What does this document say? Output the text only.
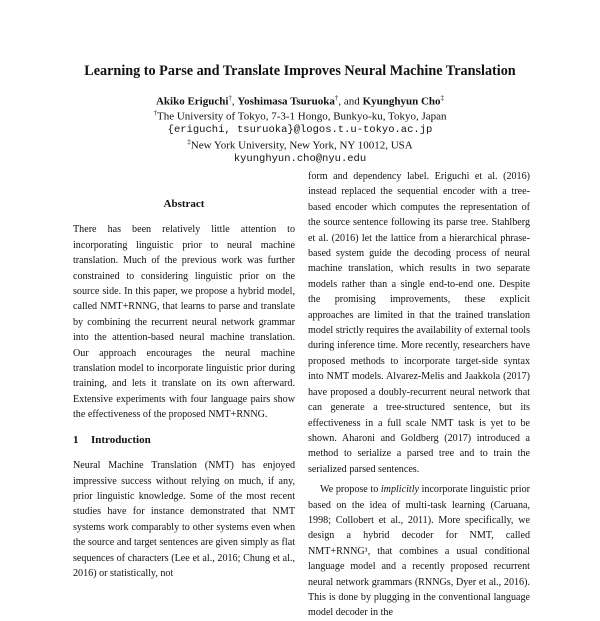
Learning to Parse and Translate Improves Neural Machine Translation
Akiko Eriguchi†, Yoshimasa Tsuruoka†, and Kyunghyun Cho‡
†The University of Tokyo, 7-3-1 Hongo, Bunkyo-ku, Tokyo, Japan
{eriguchi, tsuruoka}@logos.t.u-tokyo.ac.jp
‡New York University, New York, NY 10012, USA
kyunghyun.cho@nyu.edu
Abstract

There has been relatively little attention to incorporating linguistic prior to neural machine translation. Much of the previous work was further constrained to considering linguistic prior on the source side. In this paper, we propose a hybrid model, called NMT+RNNG, that learns to parse and translate by combining the recurrent neural network grammar into the attention-based neural machine translation. Our approach encourages the neural machine translation model to incorporate linguistic prior during training, and lets it translate on its own afterward. Extensive experiments with four language pairs show the effectiveness of the proposed NMT+RNNG.

1 Introduction

Neural Machine Translation (NMT) has enjoyed impressive success without relying on much, if any, prior linguistic knowledge. Some of the most recent studies have for instance demonstrated that NMT systems work comparably to other systems even when the source and target sentences are given simply as flat sequences of characters (Lee et al., 2016; Chung et al., 2016) or statistically, not

form and dependency label. Eriguchi et al. (2016) instead replaced the sequential encoder with a tree-based encoder which computes the representation of the source sentence following its parse tree. Stahlberg et al. (2016) let the lattice from a hierarchical phrase-based system guide the decoding process of neural machine translation, which results in two separate models rather than a single end-to-end one. Despite the promising improvements, these explicit approaches are limited in that the trained translation model strictly requires the availability of external tools during inference time. More recently, researchers have proposed methods to incorporate target-side syntax into NMT models. Alvarez-Melis and Jaakkola (2017) have proposed a doubly-recurrent neural network that can generate a tree-structured sentence, but its effectiveness in a full scale NMT task is yet to be shown. Aharoni and Goldberg (2017) introduced a method to serialize a parsed tree and to train the serialized parsed sentences.

We propose to implicitly incorporate linguistic prior based on the idea of multi-task learning (Caruana, 1998; Collobert et al., 2011). More specifically, we design a hybrid decoder for NMT, called NMT+RNNG¹, that combines a usual conditional language model and a recently proposed recurrent neural network grammars (RNNGs, Dyer et al., 2016). This is done by plugging in the conventional language model decoder in the
